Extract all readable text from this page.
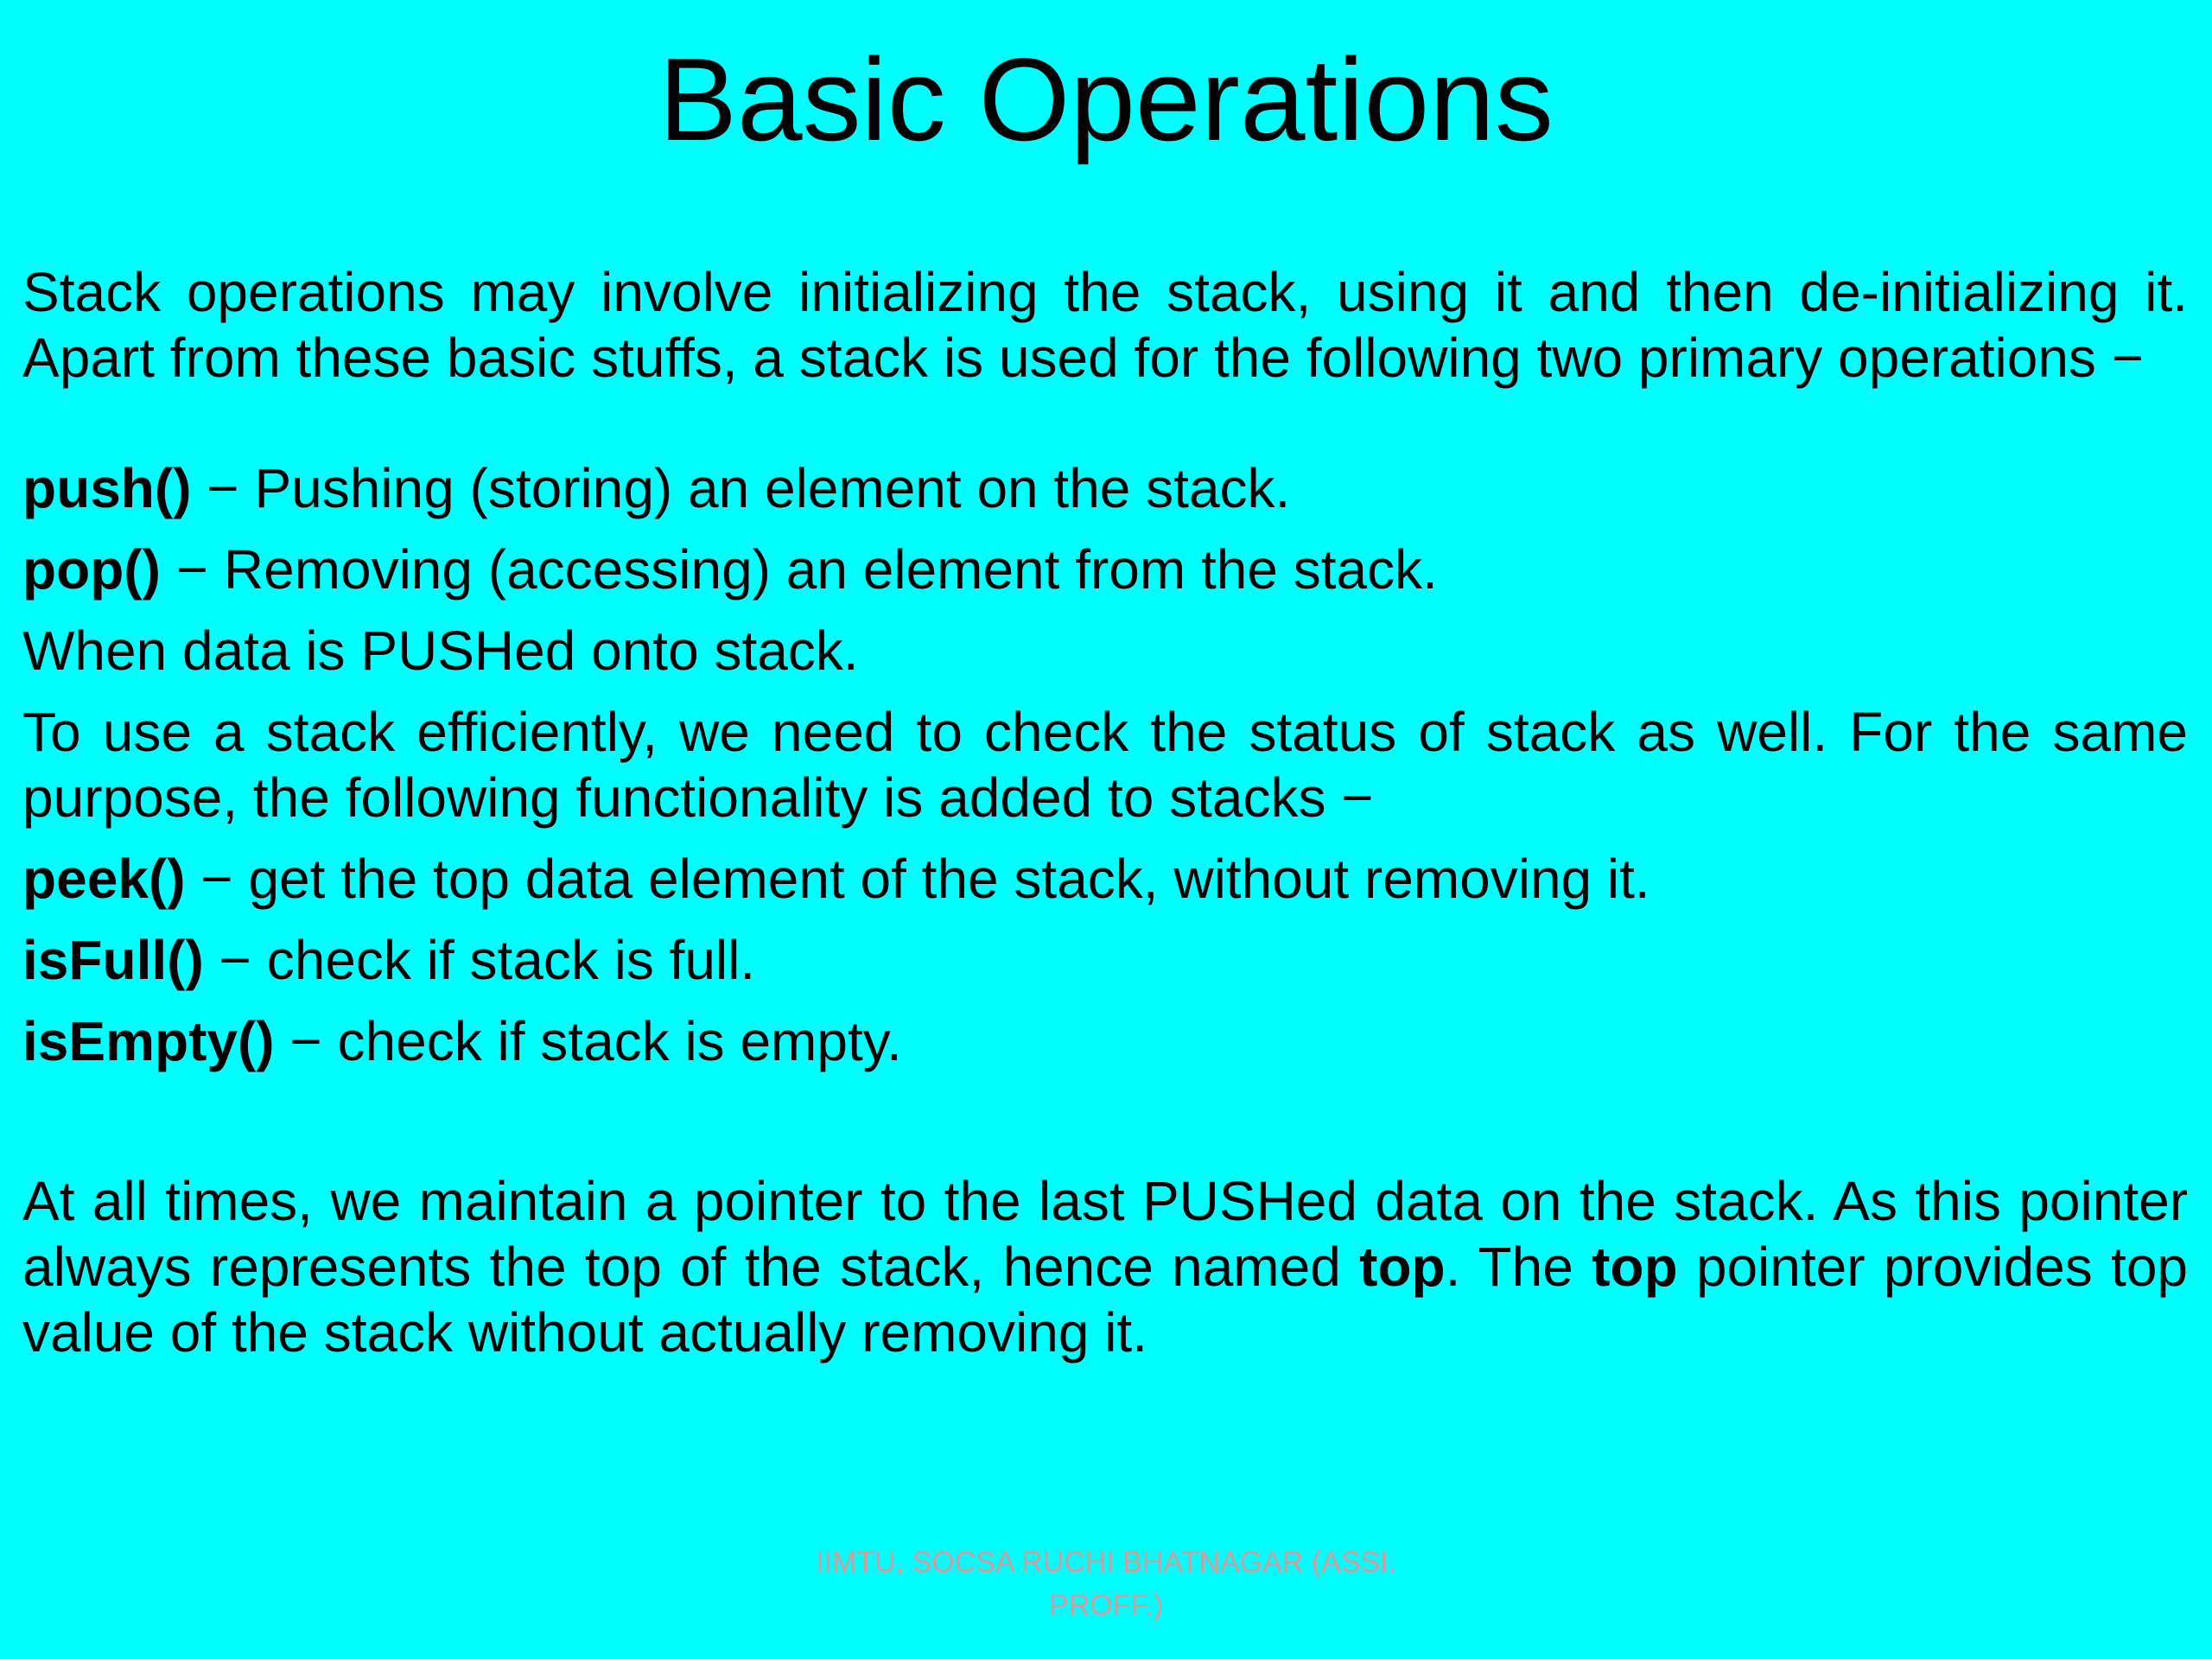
Basic Operations

Stack operations may involve initializing the stack, using it and then de-initializing it. Apart from these basic stuffs, a stack is used for the following two primary operations −

push() − Pushing (storing) an element on the stack.

pop() − Removing (accessing) an element from the stack.

When data is PUSHed onto stack.

To use a stack efficiently, we need to check the status of stack as well. For the same purpose, the following functionality is added to stacks −

peek() − get the top data element of the stack, without removing it.

isFull() − check if stack is full.

isEmpty() − check if stack is empty.

At all times, we maintain a pointer to the last PUSHed data on the stack. As this pointer always represents the top of the stack, hence named top. The top pointer provides top value of the stack without actually removing it.

IIMTU, SOCSA RUCHI BHATNAGAR (ASSI.
PROFF.)
